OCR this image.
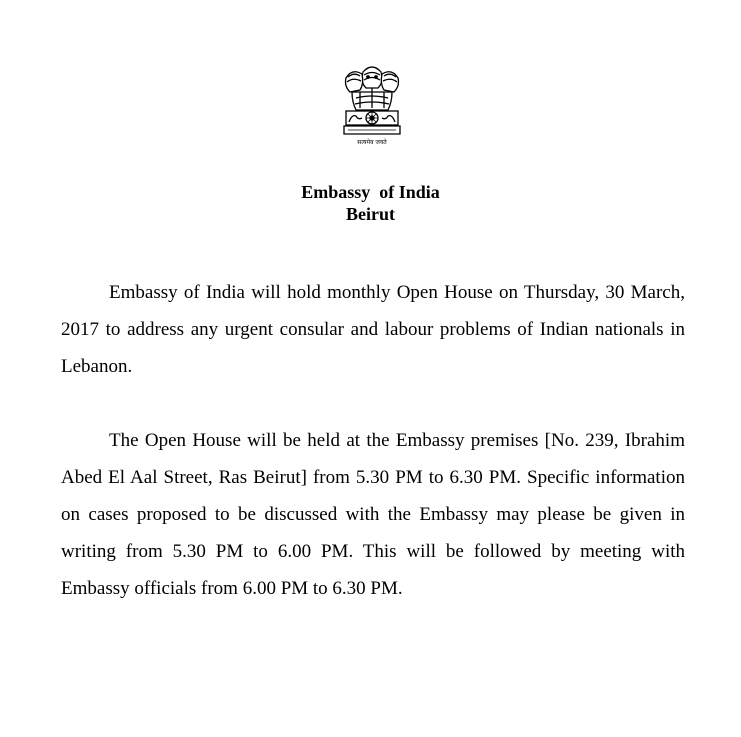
सत्यमेव जयते
Embassy  of India
Beirut

Embassy of India will hold monthly Open House on Thursday, 30 March, 2017 to address any urgent consular and labour problems of Indian nationals in Lebanon.

The Open House will be held at the Embassy premises [No. 239, Ibrahim Abed El Aal Street, Ras Beirut] from 5.30 PM to 6.30 PM. Specific information on cases proposed to be discussed with the Embassy may please be given in writing from 5.30 PM to 6.00 PM. This will be followed by meeting with Embassy officials from 6.00 PM to 6.30 PM.
